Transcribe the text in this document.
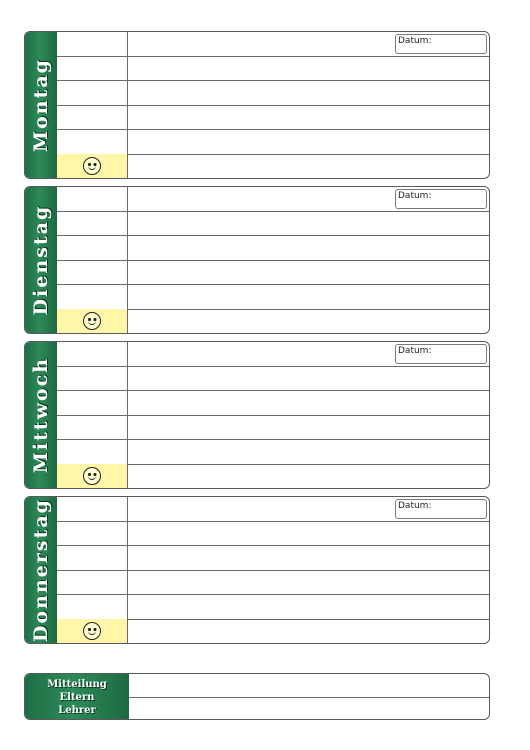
Montag
Datum:
Dienstag
Datum:
Mittwoch
Datum:
Donnerstag	Datum:
Mitteilung
Eltern
Lehrer
